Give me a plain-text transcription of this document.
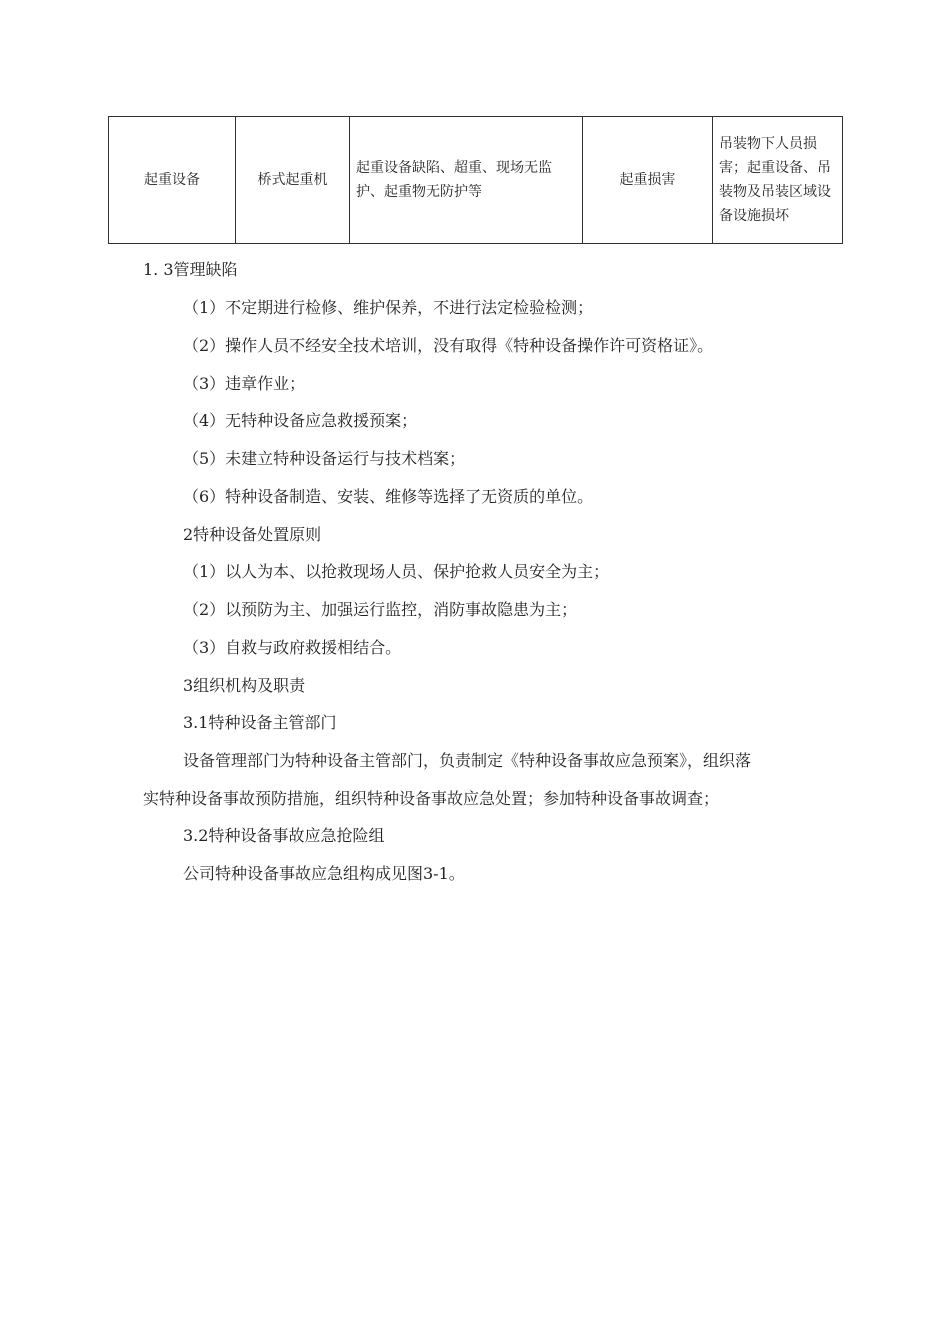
起重设备	桥式起重机	起重设备缺陷、超重、现场无监护、起重物无防护等	起重损害	吊装物下人员损害；起重设备、吊装物及吊装区域设备设施损坏
1. 3管理缺陷
（1）不定期进行检修、维护保养，不进行法定检验检测；
（2）操作人员不经安全技术培训，没有取得《特种设备操作许可资格证》。
（3）违章作业；
（4）无特种设备应急救援预案；
（5）未建立特种设备运行与技术档案；
（6）特种设备制造、安装、维修等选择了无资质的单位。
2特种设备处置原则
（1）以人为本、以抢救现场人员、保护抢救人员安全为主；
（2）以预防为主、加强运行监控，消防事故隐患为主；
（3）自救与政府救援相结合。
3组织机构及职责
3.1特种设备主管部门
设备管理部门为特种设备主管部门，负责制定《特种设备事故应急预案》，组织落
实特种设备事故预防措施，组织特种设备事故应急处置；参加特种设备事故调查；
3.2特种设备事故应急抢险组
公司特种设备事故应急组构成见图3-1。
